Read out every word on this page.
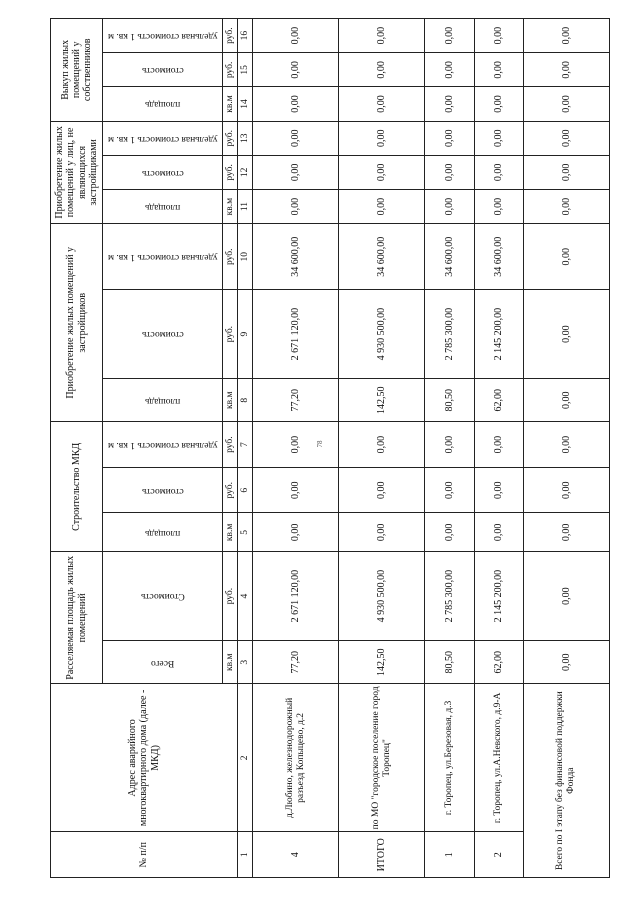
78
№ п/п	Адрес аварийного многоквартирного дома (далее - МКД)	Расселяемая площадь жилых помещений		Строительство МКД			Приобретение жилых помещений у застройщиков			Приобретение жилых помещений у лиц, не являющихся застройщиками			Выкуп жилых помещений у собственников		

		Всего	Стоимость	площадь	стоимость	удельная стоимость 1 кв. м	площадь	стоимость	удельная стоимость 1 кв. м	площадь	стоимость	удельная стоимость 1 кв. м	площадь	стоимость	удельная стоимость 1 кв. м

		кв.м	руб.	кв.м	руб.	руб.	кв.м	руб.	руб.	кв.м	руб.	руб.	кв.м	руб.	руб.
1	2	3	4	5	6	7	8	9	10	11	12	13	14	15	16
4	д.Любино, железнодорожный разъезд Копыцево, д.2	77,20	2 671 120,00	0,00	0,00	0,00	77,20	2 671 120,00	34 600,00	0,00	0,00	0,00	0,00	0,00	0,00
ИТОГО	по МО "городское поселение город Торопец"	142,50	4 930 500,00	0,00	0,00	0,00	142,50	4 930 500,00	34 600,00	0,00	0,00	0,00	0,00	0,00	0,00
1	г. Торопец, ул.Березовая, д.3	80,50	2 785 300,00	0,00	0,00	0,00	80,50	2 785 300,00	34 600,00	0,00	0,00	0,00	0,00	0,00	0,00
2	г. Торопец, ул.А.Невского, д.9-А	62,00	2 145 200,00	0,00	0,00	0,00	62,00	2 145 200,00	34 600,00	0,00	0,00	0,00	0,00	0,00	0,00
Всего по I этапу без финансовой поддержки Фонда		0,00	0,00	0,00	0,00	0,00	0,00	0,00	0,00	0,00	0,00	0,00	0,00	0,00	0,00
